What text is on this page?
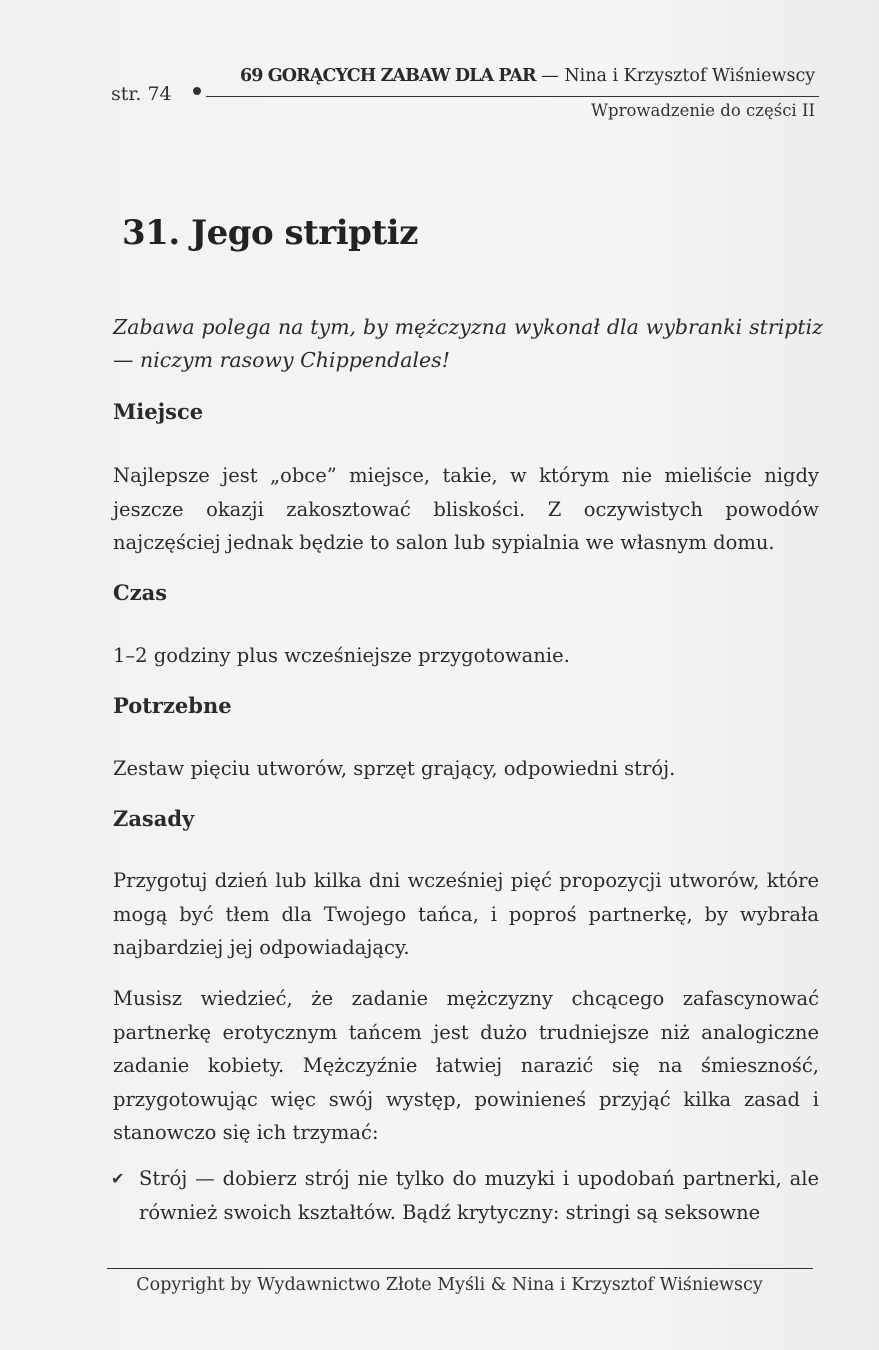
str. 74
69 GORĄCYCH ZABAW DLA PAR — Nina i Krzysztof Wiśniewscy
Wprowadzenie do części II
31. Jego striptiz

Zabawa polega na tym, by mężczyzna wykonał dla wybranki striptiz — niczym rasowy Chippendales!

Miejsce

Najlepsze jest „obce” miejsce, takie, w którym nie mieliście nigdy jeszcze okazji zakosztować bliskości. Z oczywistych powodów najczęściej jednak będzie to salon lub sypialnia we własnym domu.

Czas

1–2 godziny plus wcześniejsze przygotowanie.

Potrzebne

Zestaw pięciu utworów, sprzęt grający, odpowiedni strój.

Zasady

Przygotuj dzień lub kilka dni wcześniej pięć propozycji utworów, które mogą być tłem dla Twojego tańca, i poproś partnerkę, by wybrała najbardziej jej odpowiadający.

Musisz wiedzieć, że zadanie mężczyzny chcącego zafascynować partnerkę erotycznym tańcem jest dużo trudniejsze niż analogiczne zadanie kobiety. Mężczyźnie łatwiej narazić się na śmieszność, przygotowując więc swój występ, powinieneś przyjąć kilka zasad i stanowczo się ich trzymać:

✔ Strój — dobierz strój nie tylko do muzyki i upodobań partnerki, ale również swoich kształtów. Bądź krytyczny: stringi są seksowne
Copyright by Wydawnictwo Złote Myśli & Nina i Krzysztof Wiśniewscy
